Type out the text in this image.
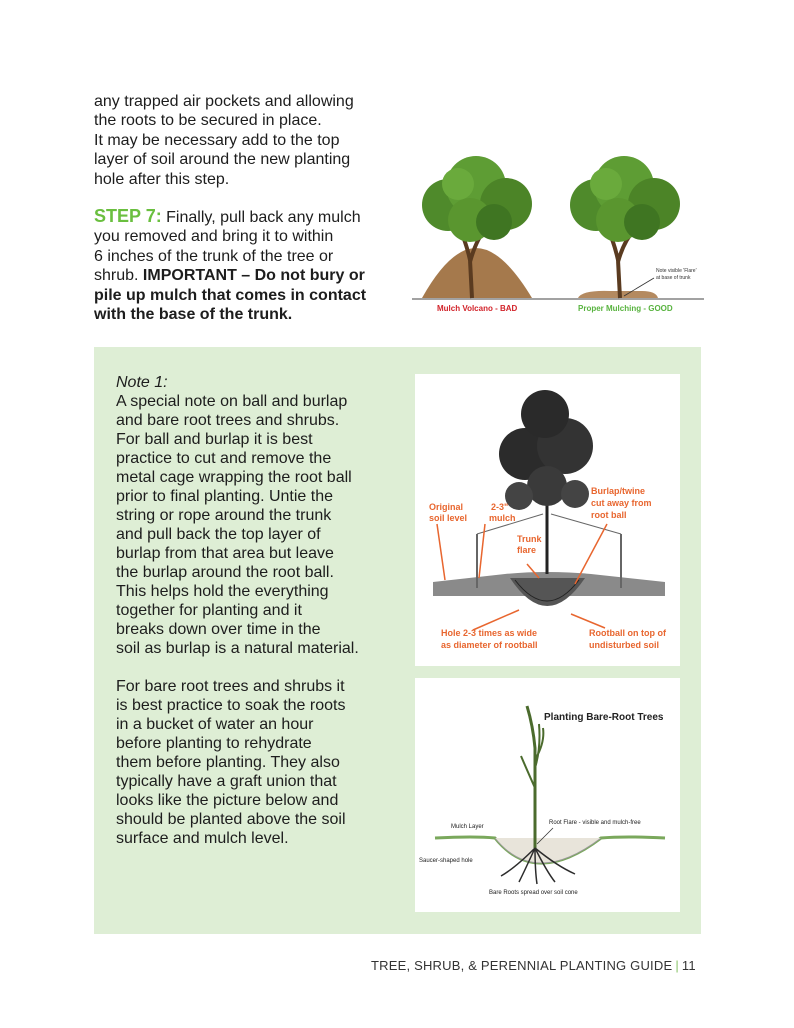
any trapped air pockets and allowing
the roots to be secured in place.
It may be necessary add to the top
layer of soil around the new planting
hole after this step.
STEP 7: Finally, pull back any mulch
you removed and bring it to within
6 inches of the trunk of the tree or
shrub. IMPORTANT – Do not bury or
pile up mulch that comes in contact
with the base of the trunk.
Note visible 'Flare'
at base of trunk
Mulch Volcano - BAD	Proper Mulching - GOOD
Note 1:
A special note on ball and burlap
and bare root trees and shrubs.
For ball and burlap it is best
practice to cut and remove the
metal cage wrapping the root ball
prior to final planting. Untie the
string or rope around the trunk
and pull back the top layer of
burlap from that area but leave
the burlap around the root ball.
This helps hold the everything
together for planting and it
breaks down over time in the
soil as burlap is a natural material.
For bare root trees and shrubs it
is best practice to soak the roots
in a bucket of water an hour
before planting to rehydrate
them before planting. They also
typically have a graft union that
looks like the picture below and
should be planted above the soil
surface and mulch level.
Original
soil level
2-3"
mulch
Trunk
flare
Burlap/twine
cut away from
root ball
Backfill
Hole 2-3 times as wide
as diameter of rootball
Rootball on top of
undisturbed soil
Planting Bare-Root Trees
Mulch Layer
Root Flare - visible and mulch-free
Saucer-shaped hole
Bare Roots spread over soil cone
TREE, SHRUB, & PERENNIAL PLANTING GUIDE | 11
